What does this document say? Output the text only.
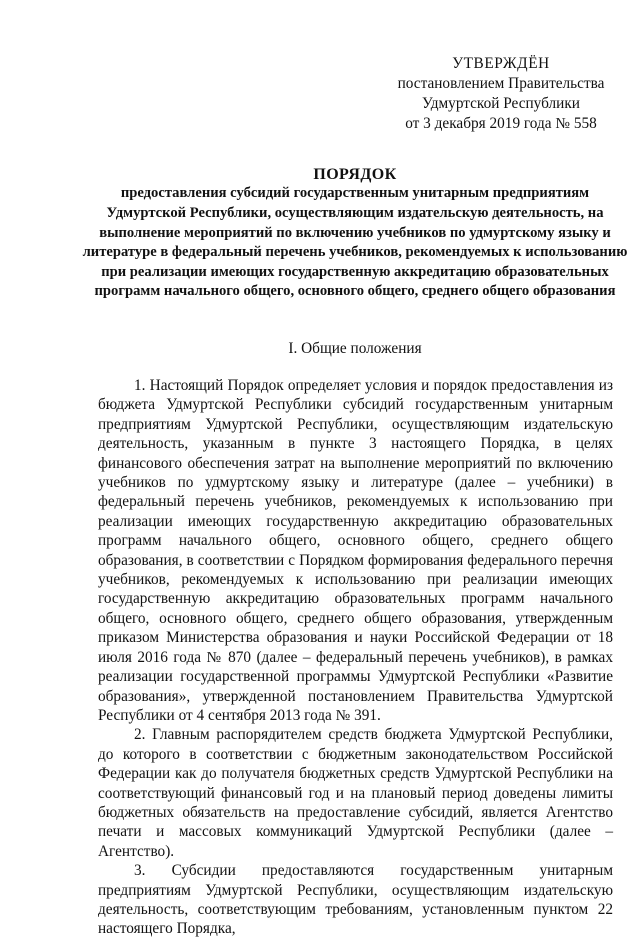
УТВЕРЖДЁН
постановлением Правительства
Удмуртской Республики
от 3 декабря 2019 года № 558
ПОРЯДОК
предоставления субсидий государственным унитарным предприятиям Удмуртской Республики, осуществляющим издательскую деятельность, на выполнение мероприятий по включению учебников по удмуртскому языку и литературе в федеральный перечень учебников, рекомендуемых к использованию при реализации имеющих государственную аккредитацию образовательных программ начального общего, основного общего, среднего общего образования
I. Общие положения

1. Настоящий Порядок определяет условия и порядок предоставления из бюджета Удмуртской Республики субсидий государственным унитарным предприятиям Удмуртской Республики, осуществляющим издательскую деятельность, указанным в пункте 3 настоящего Порядка, в целях финансового обеспечения затрат на выполнение мероприятий по включению учебников по удмуртскому языку и литературе (далее – учебники) в федеральный перечень учебников, рекомендуемых к использованию при реализации имеющих государственную аккредитацию образовательных программ начального общего, основного общего, среднего общего образования, в соответствии с Порядком формирования федерального перечня учебников, рекомендуемых к использованию при реализации имеющих государственную аккредитацию образовательных программ начального общего, основного общего, среднего общего образования, утвержденным приказом Министерства образования и науки Российской Федерации от 18 июля 2016 года № 870 (далее – федеральный перечень учебников), в рамках реализации государственной программы Удмуртской Республики «Развитие образования», утвержденной постановлением Правительства Удмуртской Республики от 4 сентября 2013 года № 391.

2. Главным распорядителем средств бюджета Удмуртской Республики, до которого в соответствии с бюджетным законодательством Российской Федерации как до получателя бюджетных средств Удмуртской Республики на соответствующий финансовый год и на плановый период доведены лимиты бюджетных обязательств на предоставление субсидий, является Агентство печати и массовых коммуникаций Удмуртской Республики (далее – Агентство).

3. Субсидии предоставляются государственным унитарным предприятиям Удмуртской Республики, осуществляющим издательскую деятельность, соответствующим требованиям, установленным пунктом 22 настоящего Порядка,
